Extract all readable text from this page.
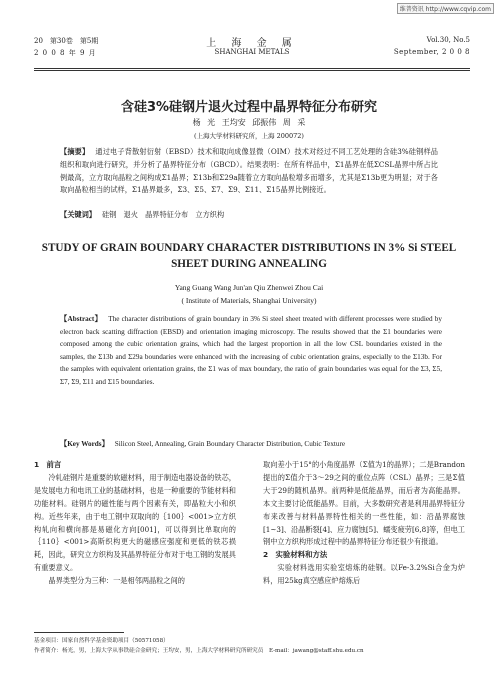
维普资讯 http://www.cqvip.com
20　第30卷　第5期
2 0 0 8 年 9 月
上 海 金 属
SHANGHAI METALS
Vol.30, No.5
September, 2 0 0 8
含硅3%硅钢片退火过程中晶界特征分布研究
杨 光 王均安 邱振伟 周 采
(上海大学材料研究所，上海 200072)
【摘要】 通过电子背散射衍射（EBSD）技术和取向成像显微（OIM）技术对经过不同工艺处理的含硅3%硅钢样品组织和取向进行研究，并分析了晶界特征分布（GBCD）。结果表明：在所有样品中，Σ1晶界在低ΣCSL晶界中所占比例最高，立方取向晶粒之间构成Σ1晶界；Σ13b和Σ29a随着立方取向晶粒增多而增多，尤其是Σ13b更为明显；对于各取向晶粒相当的试样，Σ1晶界最多，Σ3、Σ5、Σ7、Σ9、Σ11、Σ15晶界比例接近。
【关键词】 硅钢　退火　晶界特征分布　立方织构
STUDY OF GRAIN BOUNDARY CHARACTER DISTRIBUTIONS IN 3% Si STEEL SHEET DURING ANNEALING
Yang Guang Wang Jun'an Qiu Zhenwei Zhou Cai
( Institute of Materials, Shanghai University)
【Abstract】 The character distributions of grain boundary in 3% Si steel sheet treated with different processes were studied by electron back scatting diffraction (EBSD) and orientation imaging microscopy. The results showed that the Σ1 boundaries were composed among the cubic orientation grains, which had the largest proportion in all the low CSL boundaries existed in the samples, the Σ13b and Σ29a boundaries were enhanced with the increasing of cubic orientation grains, especially to the Σ13b. For the samples with equivalent orientation grains, the Σ1 was of max boundary, the ratio of grain boundaries was equal for the Σ3, Σ5, Σ7, Σ9, Σ11 and Σ15 boundaries.
【Key Words】 Silicon Steel, Annealing, Grain Boundary Character Distribution, Cubic Texture

1　前言

冷轧硅钢片是重要的软磁材料，用于制造电器设备的铁芯，是发展电力和电讯工业的基础材料，也是一种重要的节能材料和功能材料。硅钢片的磁性能与两个因素有关，即晶粒大小和织构。近些年来，由于电工钢中双取向的｛100｝<001>立方织构轧向和横向都是易磁化方向[001]，可以得到比单取向的｛110｝<001>高斯织构更大的磁感应强度和更低的铁芯损耗，因此，研究立方织构及其晶界特征分布对于电工钢的发展具有重要意义。

晶界类型分为三种：一是相邻两晶粒之间的

取向差小于15°的小角度晶界（Σ值为1的晶界）；二是Brandon提出的Σ值介于3～29之间的重位点阵（CSL）晶界；三是Σ值大于29的随机晶界。前两种是低能晶界，而后者为高能晶界。本文主要讨论低能晶界。目前，大多数研究者是利用晶界特征分布来改善与材料晶界特性相关的一些性能，如：沿晶界腐蚀[1~3]、沿晶断裂[4]、应力腐蚀[5]、蠕变疲劳[6,8]等，但电工钢中立方织构形成过程中的晶界特征分布还很少有报道。

2　实验材料和方法

实验材料选用实验室熔炼的硅钢。以Fe-3.2%Si合金为炉料，用25kg真空感应炉熔炼后

基金项目：国家自然科学基金资助项目（50571058）
作者简介：杨光，男，上海大学从事铁硅合金研究；王均安，男，上海大学材料研究所研究员　E-mail：jawang@staff.shu.edu.cn
